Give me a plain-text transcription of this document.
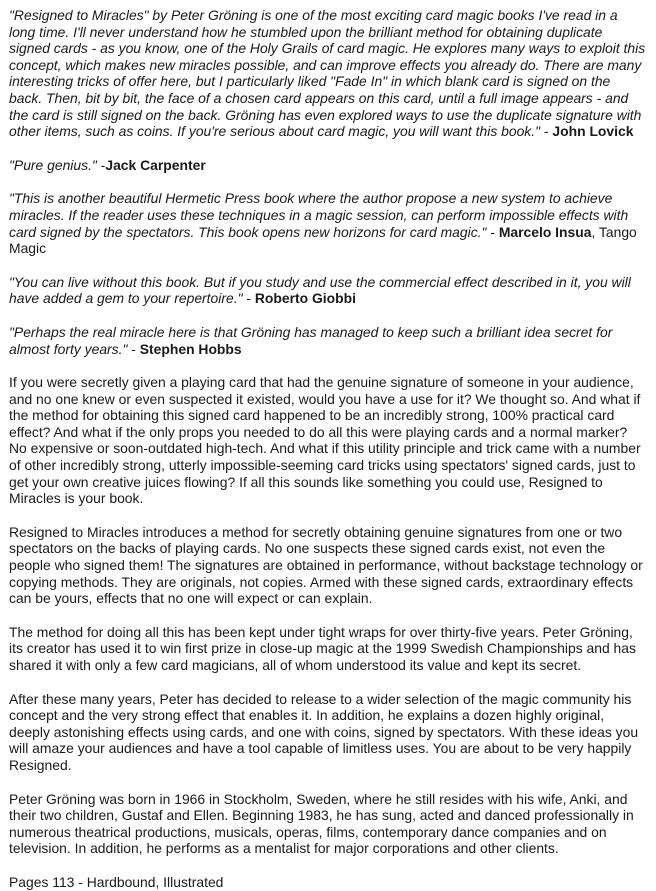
"Resigned to Miracles" by Peter Gröning is one of the most exciting card magic books I've read in a long time. I'll never understand how he stumbled upon the brilliant method for obtaining duplicate signed cards - as you know, one of the Holy Grails of card magic. He explores many ways to exploit this concept, which makes new miracles possible, and can improve effects you already do. There are many interesting tricks of offer here, but I particularly liked "Fade In" in which blank card is signed on the back. Then, bit by bit, the face of a chosen card appears on this card, until a full image appears - and the card is still signed on the back. Gröning has even explored ways to use the duplicate signature with other items, such as coins. If you're serious about card magic, you will want this book." - John Lovick

"Pure genius." -Jack Carpenter

"This is another beautiful Hermetic Press book where the author propose a new system to achieve miracles. If the reader uses these techniques in a magic session, can perform impossible effects with card signed by the spectators. This book opens new horizons for card magic." - Marcelo Insua, Tango Magic

"You can live without this book. But if you study and use the commercial effect described in it, you will have added a gem to your repertoire." - Roberto Giobbi

"Perhaps the real miracle here is that Gröning has managed to keep such a brilliant idea secret for almost forty years." - Stephen Hobbs

If you were secretly given a playing card that had the genuine signature of someone in your audience, and no one knew or even suspected it existed, would you have a use for it? We thought so. And what if the method for obtaining this signed card happened to be an incredibly strong, 100% practical card effect? And what if the only props you needed to do all this were playing cards and a normal marker? No expensive or soon-outdated high-tech. And what if this utility principle and trick came with a number of other incredibly strong, utterly impossible-seeming card tricks using spectators' signed cards, just to get your own creative juices flowing? If all this sounds like something you could use, Resigned to Miracles is your book.

Resigned to Miracles introduces a method for secretly obtaining genuine signatures from one or two spectators on the backs of playing cards. No one suspects these signed cards exist, not even the people who signed them! The signatures are obtained in performance, without backstage technology or copying methods. They are originals, not copies. Armed with these signed cards, extraordinary effects can be yours, effects that no one will expect or can explain.

The method for doing all this has been kept under tight wraps for over thirty-five years. Peter Gröning, its creator has used it to win first prize in close-up magic at the 1999 Swedish Championships and has shared it with only a few card magicians, all of whom understood its value and kept its secret.

After these many years, Peter has decided to release to a wider selection of the magic community his concept and the very strong effect that enables it. In addition, he explains a dozen highly original, deeply astonishing effects using cards, and one with coins, signed by spectators. With these ideas you will amaze your audiences and have a tool capable of limitless uses. You are about to be very happily Resigned.

Peter Gröning was born in 1966 in Stockholm, Sweden, where he still resides with his wife, Anki, and their two children, Gustaf and Ellen. Beginning 1983, he has sung, acted and danced professionally in numerous theatrical productions, musicals, operas, films, contemporary dance companies and on television. In addition, he performs as a mentalist for major corporations and other clients.

Pages 113 - Hardbound, Illustrated
